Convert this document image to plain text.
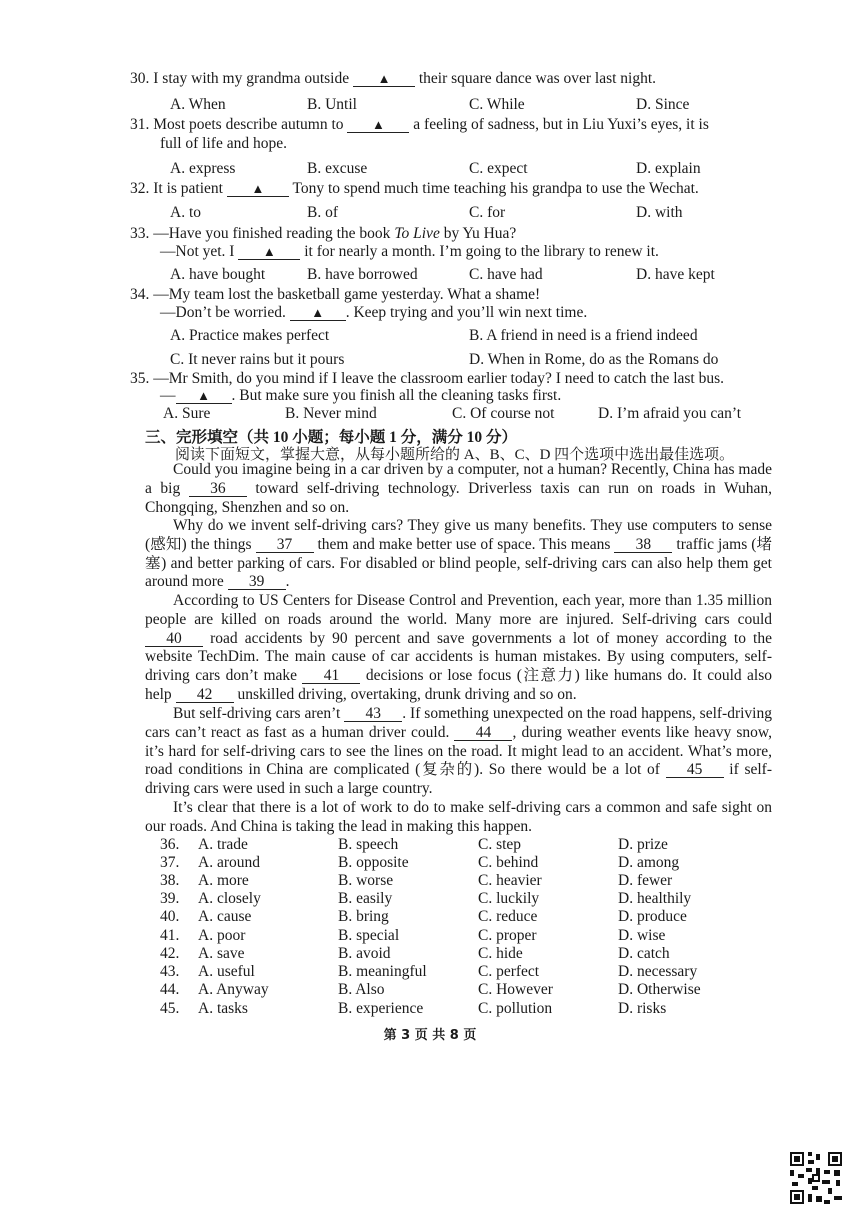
30. I stay with my grandma outside ▲ their square dance was over last night.
A. When	B. Until	C. While	D. Since
31. Most poets describe autumn to ▲ a feeling of sadness, but in Liu Yuxi’s eyes, it is
full of life and hope.
A. express	B. excuse	C. expect	D. explain
32. It is patient ▲ Tony to spend much time teaching his grandpa to use the Wechat.
A. to	B. of	C. for	D. with
33. —Have you finished reading the book To Live by Yu Hua?
—Not yet. I ▲ it for nearly a month. I’m going to the library to renew it.
A. have bought	B. have borrowed	C. have had	D. have kept
34. —My team lost the basketball game yesterday. What a shame!
—Don’t be worried. ▲ . Keep trying and you’ll win next time.
A. Practice makes perfect	B. A friend in need is a friend indeed
C. It never rains but it pours	D. When in Rome, do as the Romans do
35. —Mr Smith, do you mind if I leave the classroom earlier today? I need to catch the last bus.
— ▲ . But make sure you finish all the cleaning tasks first.
A. Sure	B. Never mind	C. Of course not	D. I’m afraid you can’t
三、完形填空（共 10 小题；每小题 1 分，满分 10 分）
阅读下面短文，掌握大意，从每小题所给的 A、B、C、D 四个选项中选出最佳选项。
Could you imagine being in a car driven by a computer, not a human? Recently, China has made a big 36 toward self-driving technology. Driverless taxis can run on roads in Wuhan, Chongqing, Shenzhen and so on.
Why do we invent self-driving cars? They give us many benefits. They use computers to sense (感知) the things 37 them and make better use of space. This means 38 traffic jams (堵塞) and better parking of cars. For disabled or blind people, self-driving cars can also help them get around more 39 .
According to US Centers for Disease Control and Prevention, each year, more than 1.35 million people are killed on roads around the world. Many more are injured. Self-driving cars could 40 road accidents by 90 percent and save governments a lot of money according to the website TechDim. The main cause of car accidents is human mistakes. By using computers, self-driving cars don’t make 41 decisions or lose focus (注意力) like humans do. It could also help 42 unskilled driving, overtaking, drunk driving and so on.
But self-driving cars aren’t 43 . If something unexpected on the road happens, self-driving cars can’t react as fast as a human driver could. 44 , during weather events like heavy snow, it’s hard for self-driving cars to see the lines on the road. It might lead to an accident. What’s more, road conditions in China are complicated (复杂的). So there would be a lot of 45 if self-driving cars were used in such a large country.
It’s clear that there is a lot of work to do to make self-driving cars a common and safe sight on our roads. And China is taking the lead in making this happen.
36. A. trade	B. speech	C. step	D. prize
37. A. around	B. opposite	C. behind	D. among
38. A. more	B. worse	C. heavier	D. fewer
39. A. closely	B. easily	C. luckily	D. healthily
40. A. cause	B. bring	C. reduce	D. produce
41. A. poor	B. special	C. proper	D. wise
42. A. save	B. avoid	C. hide	D. catch
43. A. useful	B. meaningful	C. perfect	D. necessary
44. A. Anyway	B. Also	C. However	D. Otherwise
45. A. tasks	B. experience	C. pollution	D. risks
第 3 页 共 8 页
